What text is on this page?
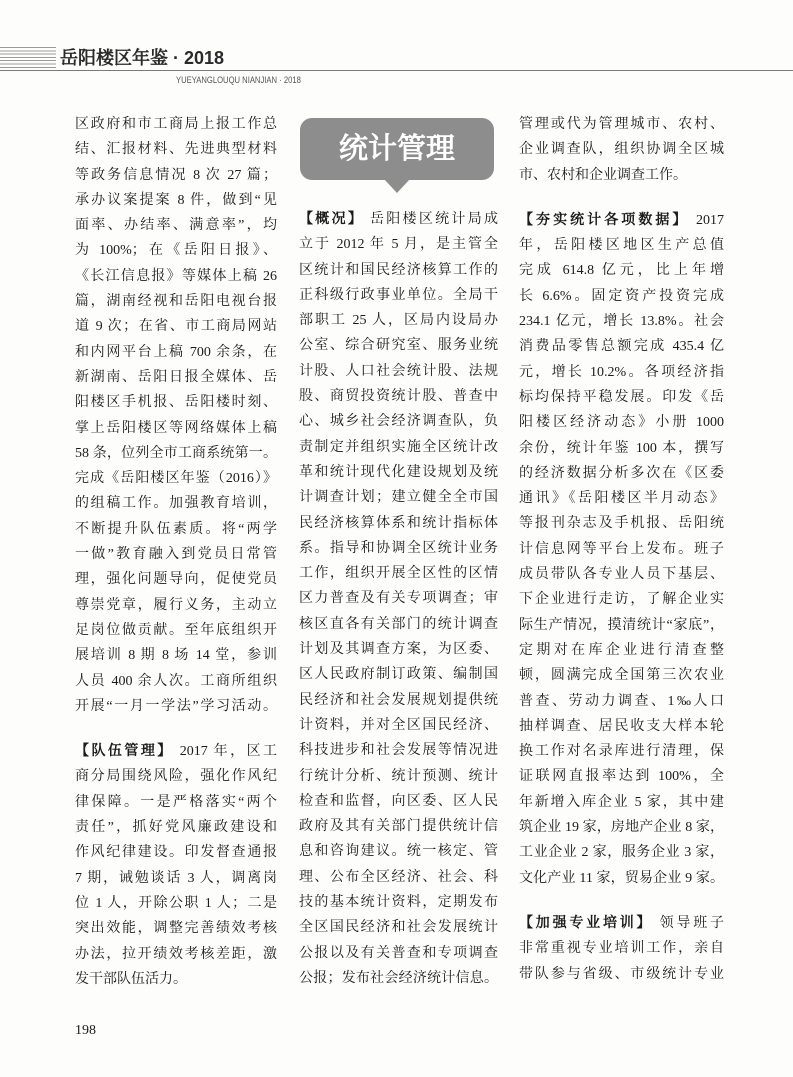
岳阳楼区年鉴 · 2018
YUEYANGLOUQU NIANJIAN · 2018
统计管理
区政府和市工商局上报工作总
结、汇报材料、先进典型材料
等政务信息情况 8 次 27 篇；
承办议案提案 8 件，做到“见
面率、办结率、满意率”，均
为 100%；在《岳阳日报》、
《长江信息报》等媒体上稿 26
篇，湖南经视和岳阳电视台报
道 9 次；在省、市工商局网站
和内网平台上稿 700 余条，在
新湖南、岳阳日报全媒体、岳
阳楼区手机报、岳阳楼时刻、
掌上岳阳楼区等网络媒体上稿
58 条，位列全市工商系统第一。
完成《岳阳楼区年鉴（2016）》
的组稿工作。加强教育培训，
不断提升队伍素质。将“两学
一做”教育融入到党员日常管
理，强化问题导向，促使党员
尊崇党章，履行义务，主动立
足岗位做贡献。至年底组织开
展培训 8 期 8 场 14 堂，参训
人员 400 余人次。工商所组织
开展“一月一学法”学习活动。
【队伍管理】 2017 年，区工
商分局围绕风险，强化作风纪
律保障。一是严格落实“两个
责任”，抓好党风廉政建设和
作风纪律建设。印发督查通报
7 期，诫勉谈话 3 人，调离岗
位 1 人，开除公职 1 人；二是
突出效能，调整完善绩效考核
办法，拉开绩效考核差距，激
发干部队伍活力。
【概况】 岳阳楼区统计局成
立于 2012 年 5 月，是主管全
区统计和国民经济核算工作的
正科级行政事业单位。全局干
部职工 25 人，区局内设局办
公室、综合研究室、服务业统
计股、人口社会统计股、法规
股、商贸投资统计股、普查中
心、城乡社会经济调查队，负
责制定并组织实施全区统计改
革和统计现代化建设规划及统
计调查计划；建立健全全市国
民经济核算体系和统计指标体
系。指导和协调全区统计业务
工作，组织开展全区性的区情
区力普查及有关专项调查；审
核区直各有关部门的统计调查
计划及其调查方案，为区委、
区人民政府制订政策、编制国
民经济和社会发展规划提供统
计资料，并对全区国民经济、
科技进步和社会发展等情况进
行统计分析、统计预测、统计
检查和监督，向区委、区人民
政府及其有关部门提供统计信
息和咨询建议。统一核定、管
理、公布全区经济、社会、科
技的基本统计资料，定期发布
全区国民经济和社会发展统计
公报以及有关普查和专项调查
公报；发布社会经济统计信息。
管理或代为管理城市、农村、
企业调查队，组织协调全区城
市、农村和企业调查工作。
【夯实统计各项数据】 2017
年，岳阳楼区地区生产总值
完成 614.8 亿元，比上年增
长 6.6%。固定资产投资完成
234.1 亿元，增长 13.8%。社会
消费品零售总额完成 435.4 亿
元，增长 10.2%。各项经济指
标均保持平稳发展。印发《岳
阳楼区经济动态》小册 1000
余份，统计年鉴 100 本，撰写
的经济数据分析多次在《区委
通讯》《岳阳楼区半月动态》
等报刊杂志及手机报、岳阳统
计信息网等平台上发布。班子
成员带队各专业人员下基层、
下企业进行走访，了解企业实
际生产情况，摸清统计“家底”，
定期对在库企业进行清查整
顿，圆满完成全国第三次农业
普查、劳动力调查、1‰人口
抽样调查、居民收支大样本轮
换工作对名录库进行清理，保
证联网直报率达到 100%，全
年新增入库企业 5 家，其中建
筑企业 19 家，房地产企业 8 家，
工业企业 2 家，服务企业 3 家，
文化产业 11 家，贸易企业 9 家。
【加强专业培训】 领导班子
非常重视专业培训工作，亲自
带队参与省级、市级统计专业
198
